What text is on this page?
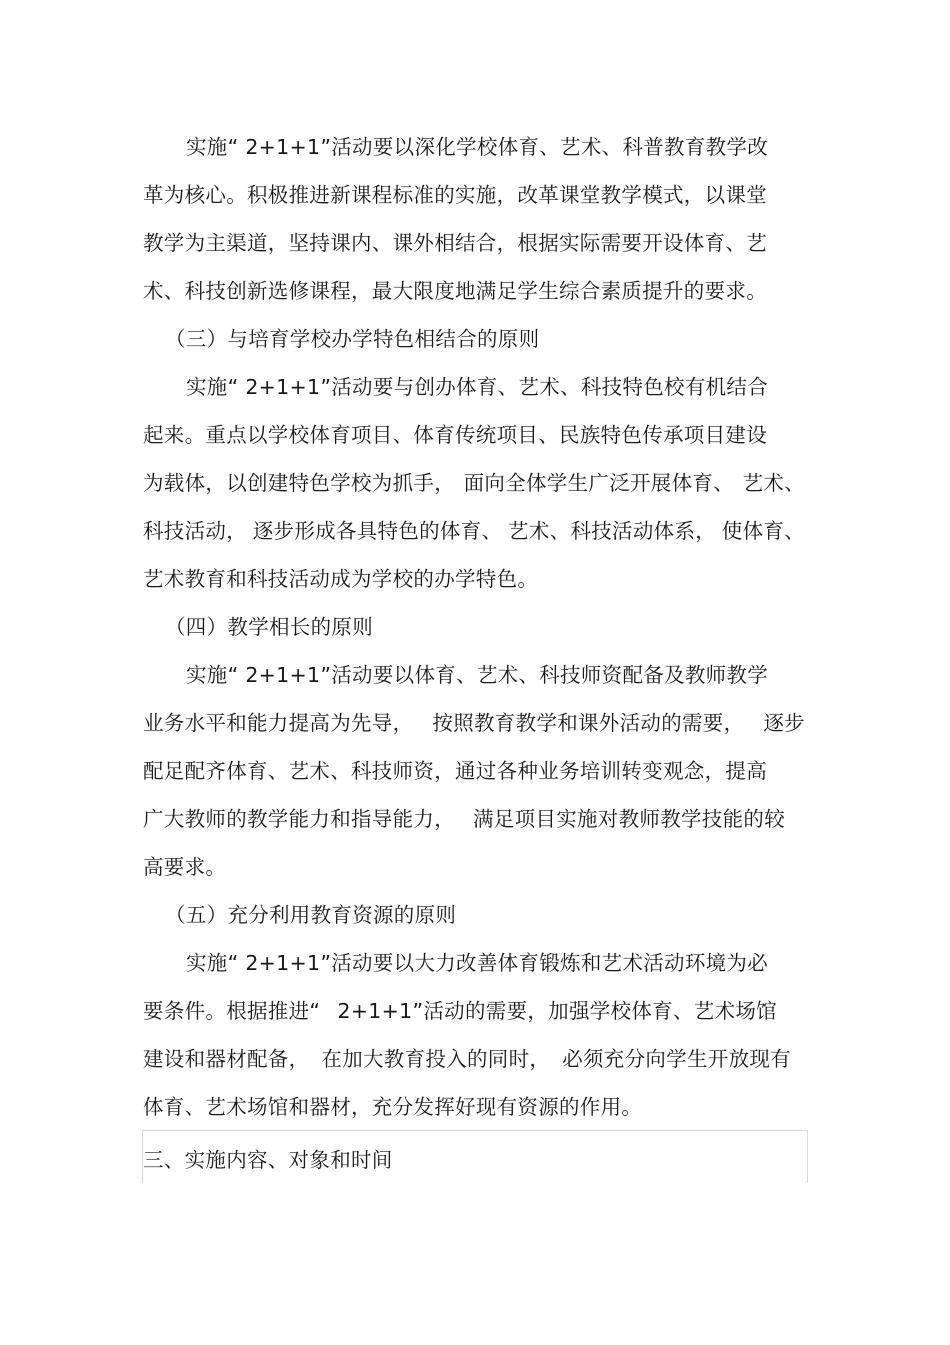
实施“ 2+1+1”活动要以深化学校体育、艺术、科普教育教学改
革为核心。积极推进新课程标准的实施，改革课堂教学模式，以课堂
教学为主渠道，坚持课内、课外相结合，根据实际需要开设体育、艺
术、科技创新选修课程，最大限度地满足学生综合素质提升的要求。
（三）与培育学校办学特色相结合的原则
实施“ 2+1+1”活动要与创办体育、艺术、科技特色校有机结合
起来。重点以学校体育项目、体育传统项目、民族特色传承项目建设
为载体，以创建特色学校为抓手， 面向全体学生广泛开展体育、 艺术、
科技活动， 逐步形成各具特色的体育、 艺术、科技活动体系， 使体育、
艺术教育和科技活动成为学校的办学特色。
（四）教学相长的原则
实施“ 2+1+1”活动要以体育、艺术、科技师资配备及教师教学
业务水平和能力提高为先导， 按照教育教学和课外活动的需要， 逐步
配足配齐体育、艺术、科技师资，通过各种业务培训转变观念，提高
广大教师的教学能力和指导能力， 满足项目实施对教师教学技能的较
高要求。
（五）充分利用教育资源的原则
实施“ 2+1+1”活动要以大力改善体育锻炼和艺术活动环境为必
要条件。根据推进“ 2+1+1”活动的需要，加强学校体育、艺术场馆
建设和器材配备， 在加大教育投入的同时， 必须充分向学生开放现有
体育、艺术场馆和器材，充分发挥好现有资源的作用。
三、实施内容、对象和时间
